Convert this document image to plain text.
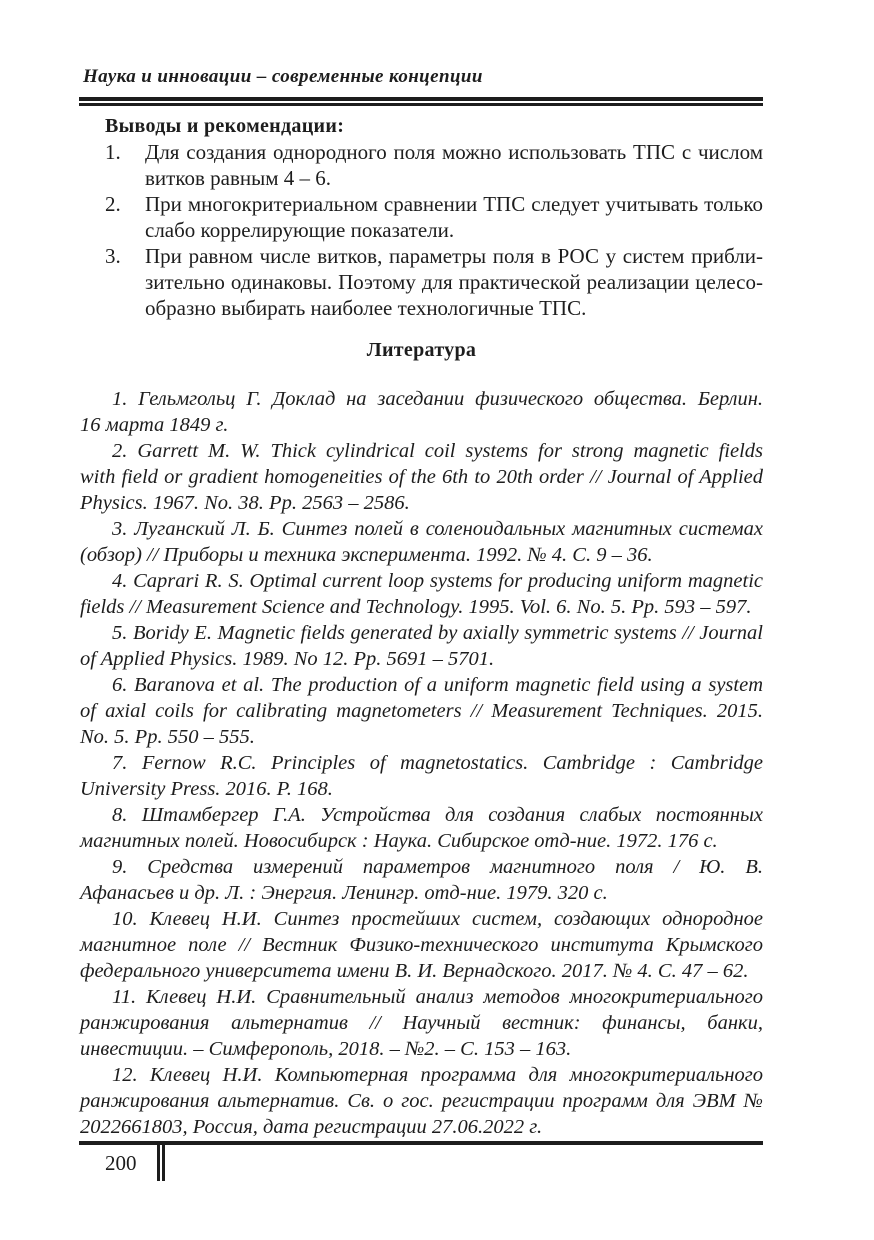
Наука и инновации – современные концепции
Выводы и рекомендации:
1.	Для создания однородного поля можно использовать ТПС с числом
витков равным 4 – 6.
2.	При многокритериальном сравнении ТПС следует учитывать только
слабо коррелирующие показатели.
3.	При равном числе витков, параметры поля в РОС у систем прибли-
зительно одинаковы. Поэтому для практической реализации целесо-
образно выбирать наиболее технологичные ТПС.
Литература
1. Гельмгольц Г. Доклад на заседании физического общества. Берлин.
16 марта 1849 г.
2. Garrett M. W. Thick cylindrical coil systems for strong magnetic fields
with field or gradient homogeneities of the 6th to 20th order // Journal of Applied
Physics. 1967. No. 38. Pp. 2563 – 2586.
3. Луганский Л. Б. Синтез полей в соленоидальных магнитных системах
(обзор) // Приборы и техника эксперимента. 1992. № 4. С. 9 – 36.
4. Caprari R. S. Optimal current loop systems for producing uniform magnetic
fields // Measurement Science and Technology. 1995. Vol. 6. No. 5. Pp. 593 – 597.
5. Boridy E. Magnetic fields generated by axially symmetric systems // Journal
of Applied Physics. 1989. No 12. Pp. 5691 – 5701.
6. Baranova et al. The production of a uniform magnetic field using a system
of axial coils for calibrating magnetometers // Measurement Techniques. 2015.
No. 5. Pp. 550 – 555.
7. Fernow R.C. Principles of magnetostatics. Cambridge : Cambridge
University Press. 2016. P. 168.
8. Штамбергер Г.А. Устройства для создания слабых постоянных
магнитных полей. Новосибирск : Наука. Сибирское отд-ние. 1972. 176 с.
9. Средства измерений параметров магнитного поля / Ю. В.
Афанасьев и др. Л. : Энергия. Ленингр. отд-ние. 1979. 320 с.
10. Клевец Н.И. Синтез простейших систем, создающих однородное
магнитное поле // Вестник Физико-технического института Крымского
федерального университета имени В. И. Вернадского. 2017. № 4. С. 47 – 62.
11. Клевец Н.И. Сравнительный анализ методов многокритериального
ранжирования альтернатив // Научный вестник: финансы, банки,
инвестиции. – Симферополь, 2018. – №2. – С. 153 – 163.
12. Клевец Н.И. Компьютерная программа для многокритериального
ранжирования альтернатив. Св. о гос. регистрации программ для ЭВМ №
2022661803, Россия, дата регистрации 27.06.2022 г.
200
